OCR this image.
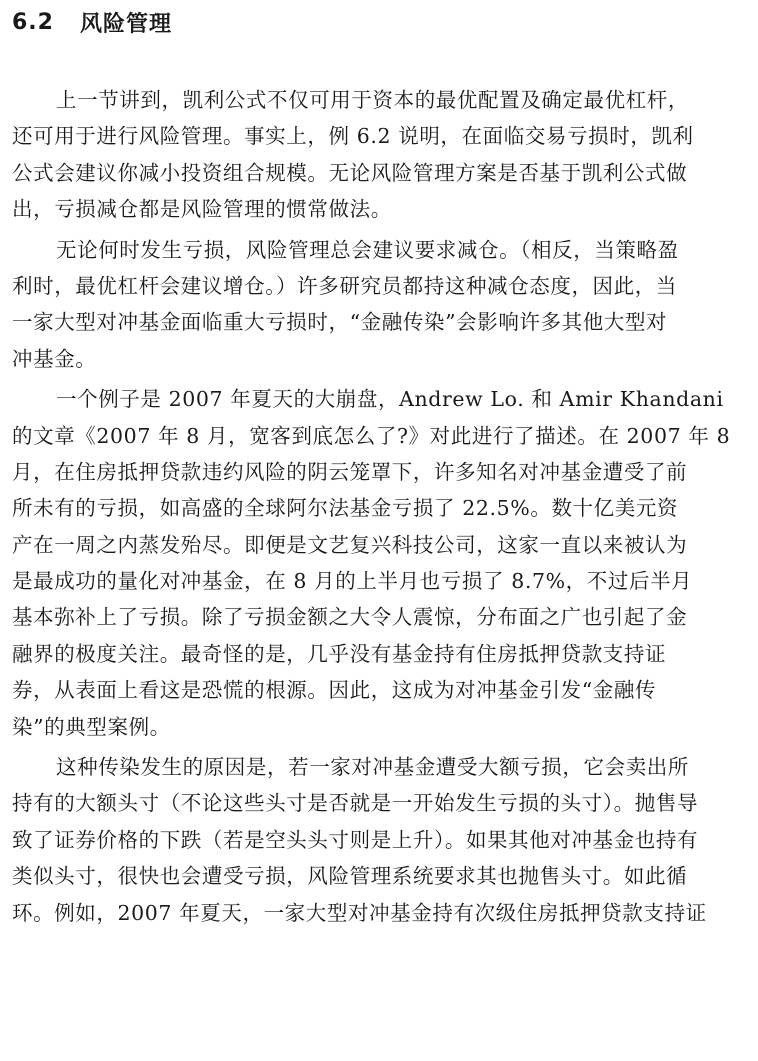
6.2 风险管理
上一节讲到，凯利公式不仅可用于资本的最优配置及确定最优杠杆，
还可用于进行风险管理。事实上，例 6.2 说明，在面临交易亏损时，凯利
公式会建议你减小投资组合规模。无论风险管理方案是否基于凯利公式做
出，亏损减仓都是风险管理的惯常做法。
无论何时发生亏损，风险管理总会建议要求减仓。（相反，当策略盈
利时，最优杠杆会建议增仓。）许多研究员都持这种减仓态度，因此，当
一家大型对冲基金面临重大亏损时，“金融传染”会影响许多其他大型对
冲基金。
一个例子是 2007 年夏天的大崩盘，Andrew Lo. 和 Amir Khandani
的文章《2007 年 8 月，宽客到底怎么了?》对此进行了描述。在 2007 年 8
月，在住房抵押贷款违约风险的阴云笼罩下，许多知名对冲基金遭受了前
所未有的亏损，如高盛的全球阿尔法基金亏损了 22.5%。数十亿美元资
产在一周之内蒸发殆尽。即便是文艺复兴科技公司，这家一直以来被认为
是最成功的量化对冲基金，在 8 月的上半月也亏损了 8.7%，不过后半月
基本弥补上了亏损。除了亏损金额之大令人震惊，分布面之广也引起了金
融界的极度关注。最奇怪的是，几乎没有基金持有住房抵押贷款支持证
券，从表面上看这是恐慌的根源。因此，这成为对冲基金引发“金融传
染”的典型案例。
这种传染发生的原因是，若一家对冲基金遭受大额亏损，它会卖出所
持有的大额头寸（不论这些头寸是否就是一开始发生亏损的头寸）。抛售导
致了证券价格的下跌（若是空头头寸则是上升）。如果其他对冲基金也持有
类似头寸，很快也会遭受亏损，风险管理系统要求其也抛售头寸。如此循
环。例如，2007 年夏天，一家大型对冲基金持有次级住房抵押贷款支持证
